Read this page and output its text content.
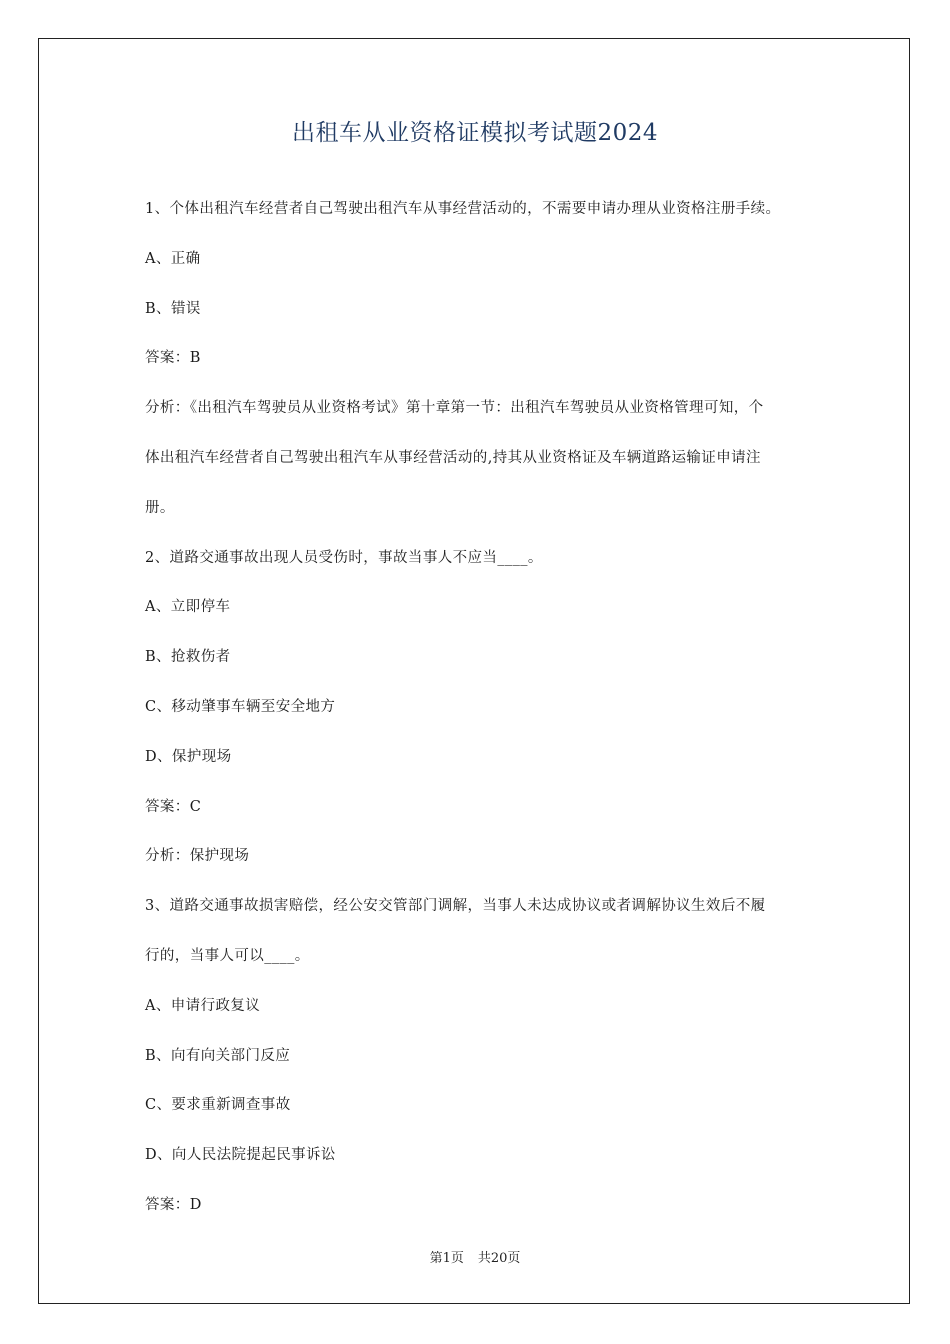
出租车从业资格证模拟考试题2024
1、个体出租汽车经营者自己驾驶出租汽车从事经营活动的，不需要申请办理从业资格注册手续。
A、正确
B、错误
答案：B
分析：《出租汽车驾驶员从业资格考试》第十章第一节：出租汽车驾驶员从业资格管理可知，个
体出租汽车经营者自己驾驶出租汽车从事经营活动的,持其从业资格证及车辆道路运输证申请注
册。
2、道路交通事故出现人员受伤时，事故当事人不应当____。
A、立即停车
B、抢救伤者
C、移动肇事车辆至安全地方
D、保护现场
答案：C
分析：保护现场
3、道路交通事故损害赔偿，经公安交管部门调解，当事人未达成协议或者调解协议生效后不履
行的，当事人可以____。
A、申请行政复议
B、向有向关部门反应
C、要求重新调查事故
D、向人民法院提起民事诉讼
答案：D
第1页 共20页
